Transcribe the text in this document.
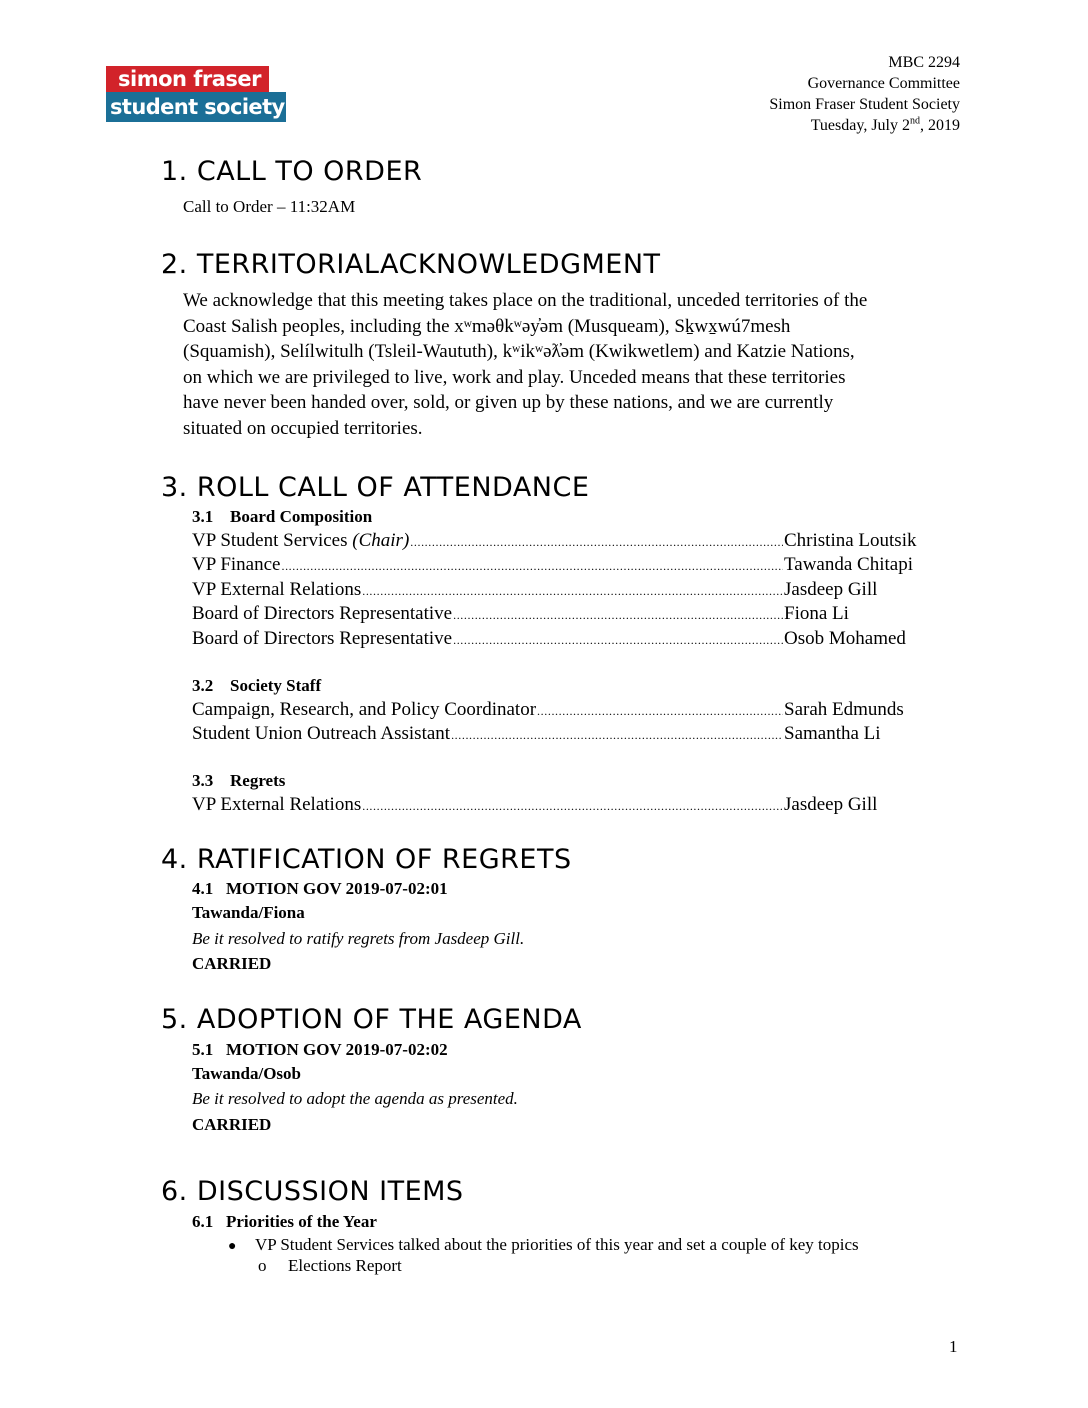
simon fraser
student society
MBC 2294
Governance Committee
Simon Fraser Student Society
Tuesday, July 2nd, 2019
1. CALL TO ORDER
Call to Order – 11:32AM
2. TERRITORIALACKNOWLEDGMENT
We acknowledge that this meeting takes place on the traditional, unceded territories of the
Coast Salish peoples, including the xʷməθkʷəy̓əm (Musqueam), Sḵwx̱wú7mesh
(Squamish), Selílwitulh (Tsleil-Waututh), kʷikʷəƛ̓əm (Kwikwetlem) and Katzie Nations,
on which we are privileged to live, work and play. Unceded means that these territories
have never been handed over, sold, or given up by these nations, and we are currently
situated on occupied territories.
3. ROLL CALL OF ATTENDANCE
3.1 Board Composition
VP Student Services (Chair) .....	Christina Loutsik
VP Finance .....	Tawanda Chitapi
VP External Relations .....	Jasdeep Gill
Board of Directors Representative .....	Fiona Li
Board of Directors Representative .....	Osob Mohamed
3.2 Society Staff
Campaign, Research, and Policy Coordinator .....	Sarah Edmunds
Student Union Outreach Assistant .....	Samantha Li
3.3 Regrets
VP External Relations .....	Jasdeep Gill
4. RATIFICATION OF REGRETS
4.1   MOTION GOV 2019-07-02:01
Tawanda/Fiona
Be it resolved to ratify regrets from Jasdeep Gill.
CARRIED
5. ADOPTION OF THE AGENDA
5.1   MOTION GOV 2019-07-02:02
Tawanda/Osob
Be it resolved to adopt the agenda as presented.
CARRIED
6. DISCUSSION ITEMS
6.1   Priorities of the Year
● VP Student Services talked about the priorities of this year and set a couple of key topics
o Elections Report
1
